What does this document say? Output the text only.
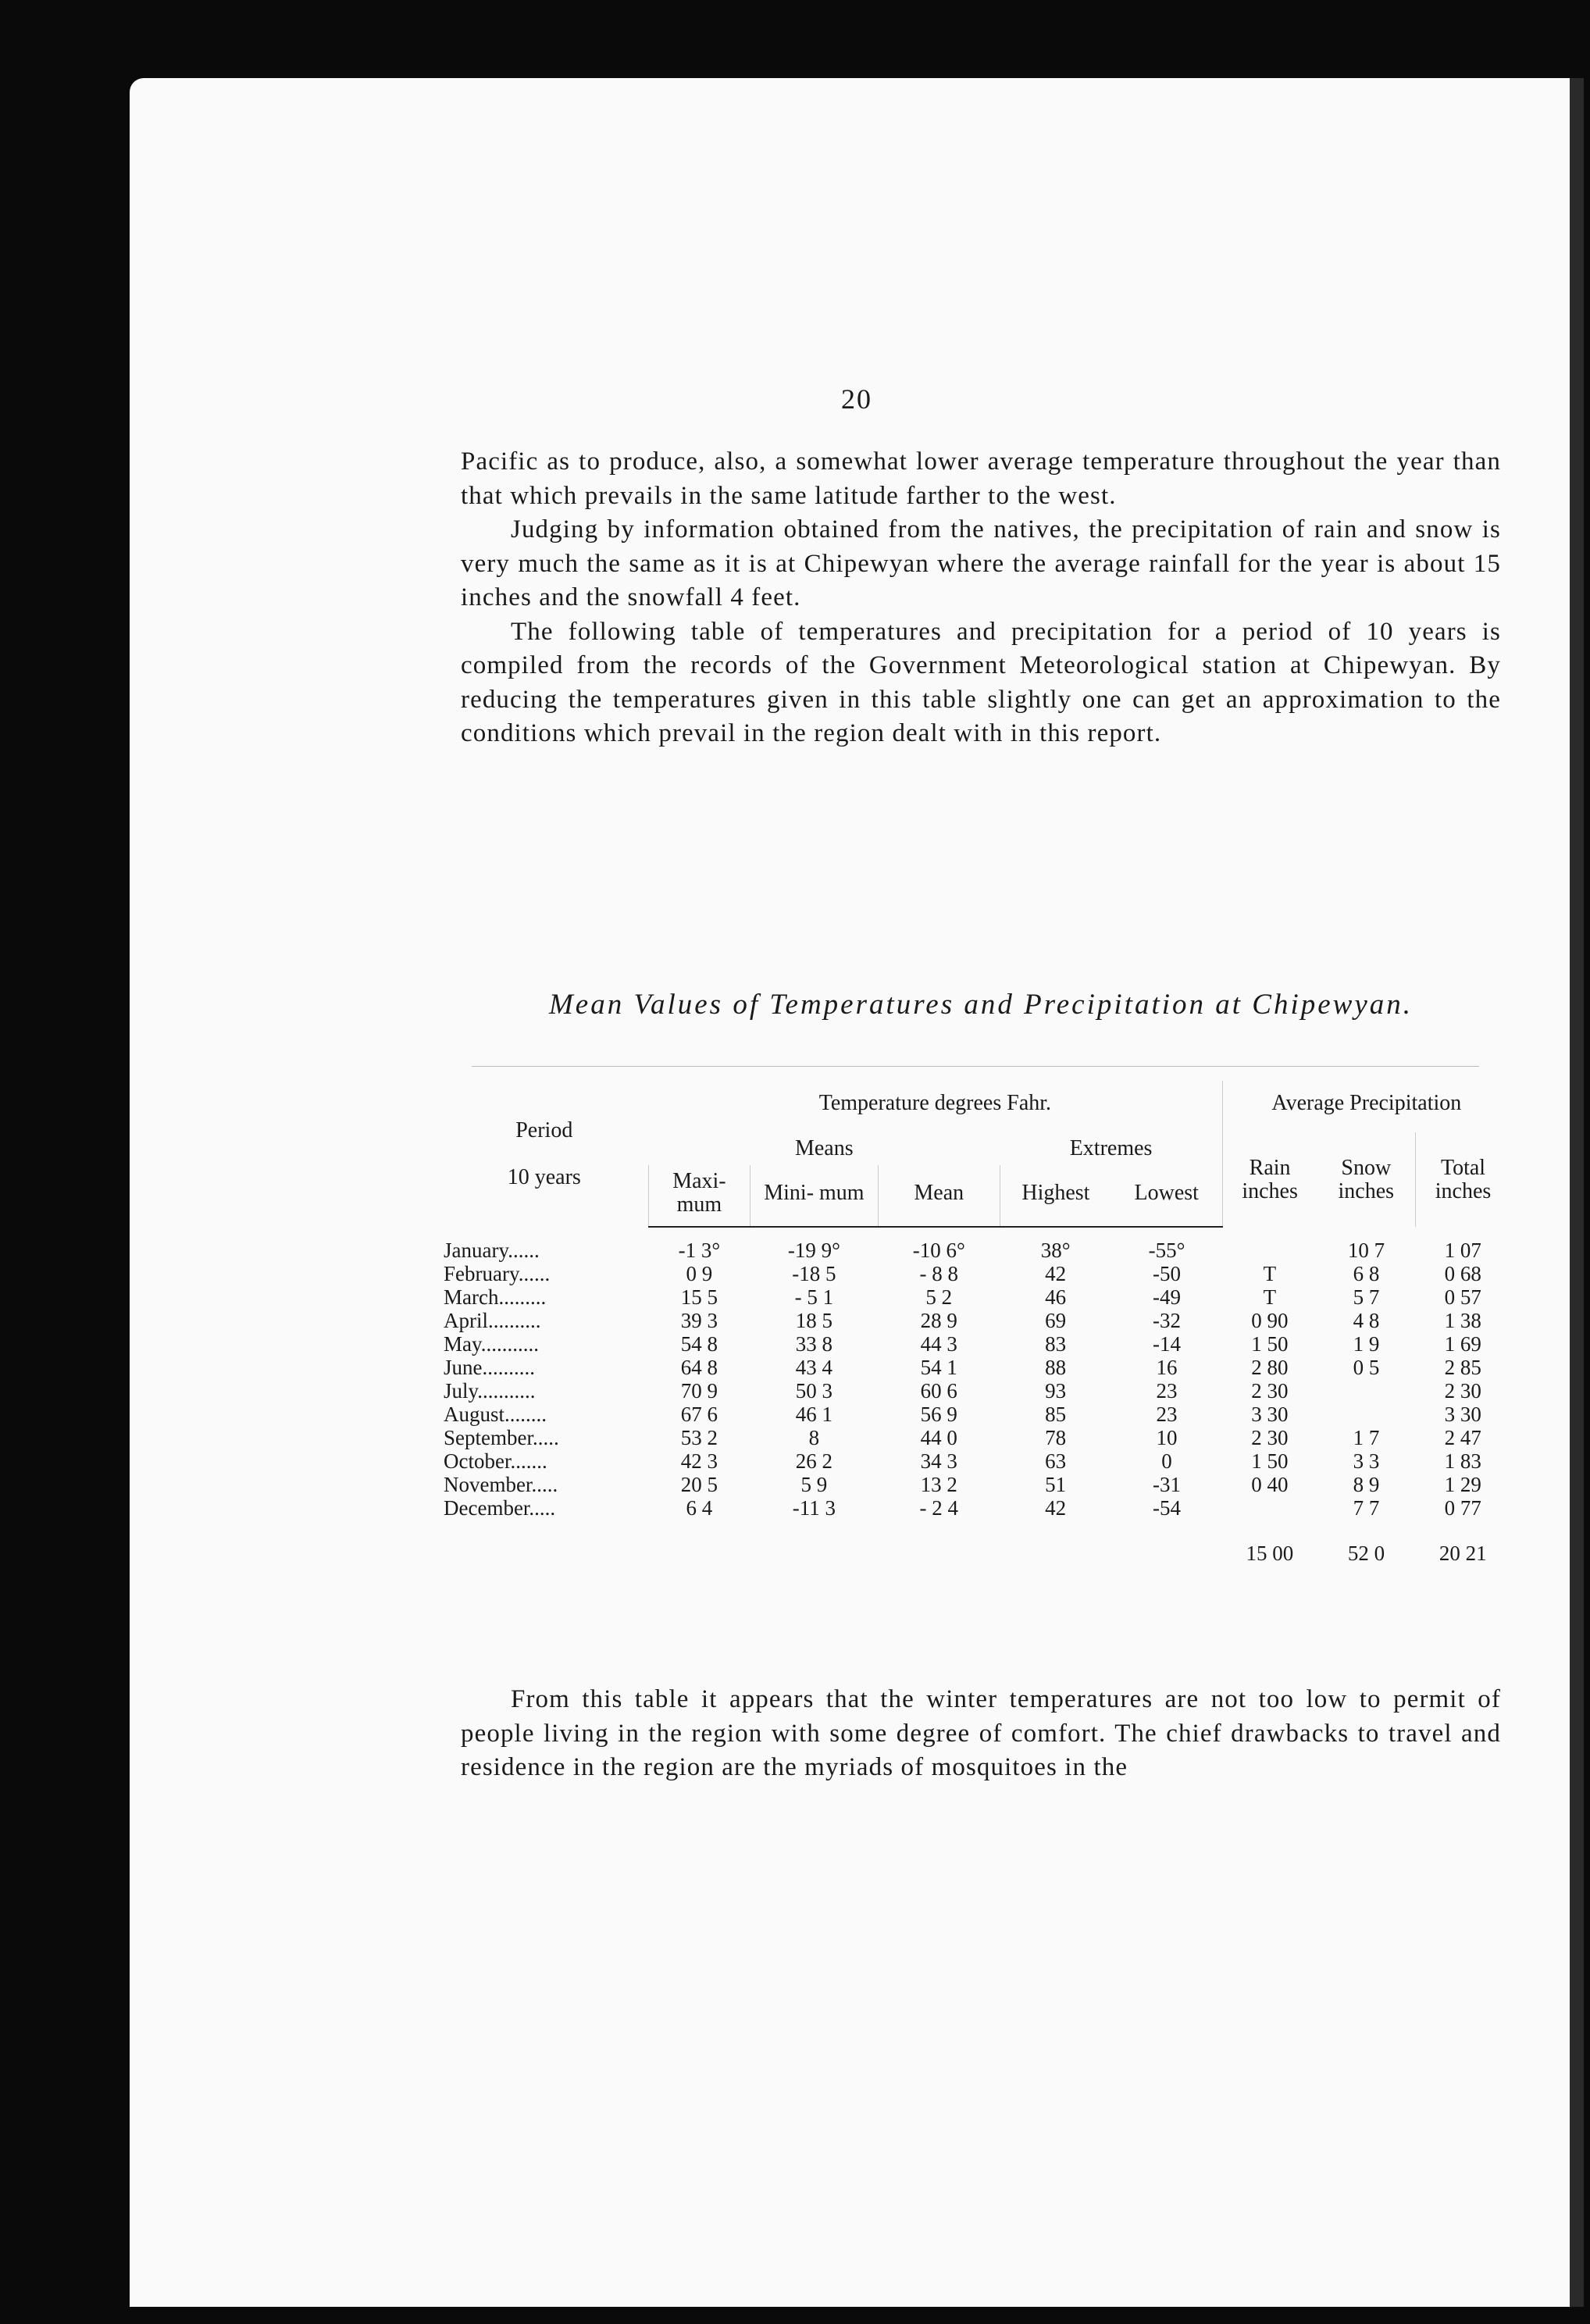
20

Pacific as to produce, also, a somewhat lower average temperature throughout the year than that which prevails in the same latitude farther to the west.

Judging by information obtained from the natives, the precipitation of rain and snow is very much the same as it is at Chipewyan where the average rainfall for the year is about 15 inches and the snowfall 4 feet.

The following table of temperatures and precipitation for a period of 10 years is compiled from the records of the Government Meteorological station at Chipewyan. By reducing the temperatures given in this table slightly one can get an approximation to the conditions which prevail in the region dealt with in this report.

Mean Values of Temperatures and Precipitation at Chipewyan.
Period

10 years	Temperature degrees Fahr.					Average Precipitation		
	Means			Extremes		Rain inches	Snow inches	Total inches
	Maxi- mum	Mini- mum	Mean	Highest	Lowest			
January......	-1 3°	-19 9°	-10 6°	38°	-55°		10 7	1 07
February......	0 9	-18 5	- 8 8	42	-50	T	6 8	0 68
March.........	15 5	- 5 1	5 2	46	-49	T	5 7	0 57
April..........	39 3	18 5	28 9	69	-32	0 90	4 8	1 38
May...........	54 8	33 8	44 3	83	-14	1 50	1 9	1 69
June..........	64 8	43 4	54 1	88	16	2 80	0 5	2 85
July...........	70 9	50 3	60 6	93	23	2 30		2 30
August........	67 6	46 1	56 9	85	23	3 30		3 30
September.....	53 2	8	44 0	78	10	2 30	1 7	2 47
October.......	42 3	26 2	34 3	63	0	1 50	3 3	1 83
November.....	20 5	5 9	13 2	51	-31	0 40	8 9	1 29
December.....	6 4	-11 3	- 2 4	42	-54		7 7	0 77
						15 00	52 0	20 21

From this table it appears that the winter temperatures are not too low to permit of people living in the region with some degree of comfort. The chief drawbacks to travel and residence in the region are the myriads of mosquitoes in the
